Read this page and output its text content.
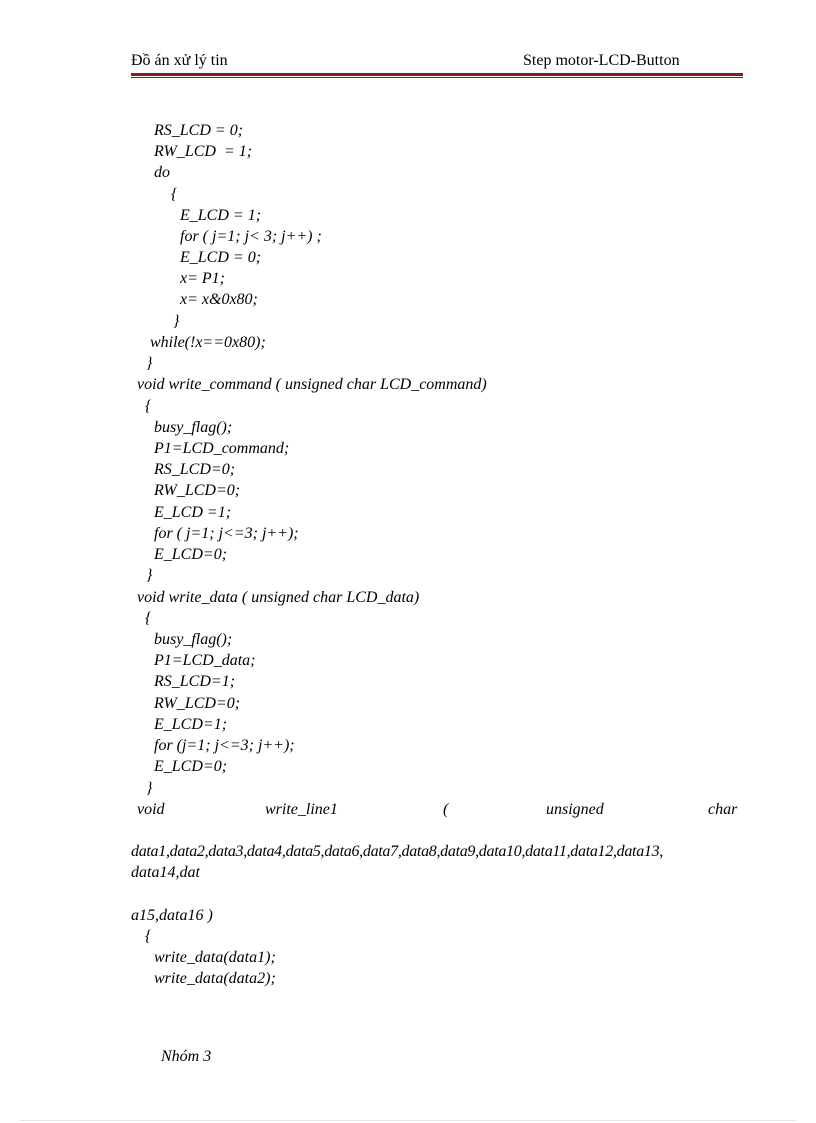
Đồ án xử lý tin	Step motor-LCD-Button
RS_LCD = 0;
RW_LCD  = 1;
do
{
E_LCD = 1;
for ( j=1; j< 3; j++) ;
E_LCD = 0;
x= P1;
x= x&0x80;
}
while(!x==0x80);
}
void write_command ( unsigned char LCD_command)
{
busy_flag();
P1=LCD_command;
RS_LCD=0;
RW_LCD=0;
E_LCD =1;
for ( j=1; j<=3; j++);
E_LCD=0;
}
void write_data ( unsigned char LCD_data)
{
busy_flag();
P1=LCD_data;
RS_LCD=1;
RW_LCD=0;
E_LCD=1;
for (j=1; j<=3; j++);
E_LCD=0;
}
void	write_line1	(	unsigned	char
data1,data2,data3,data4,data5,data6,data7,data8,data9,data10,data11,data12,data13,
data14,dat
a15,data16 )
{
write_data(data1);
write_data(data2);
Nhóm 3
